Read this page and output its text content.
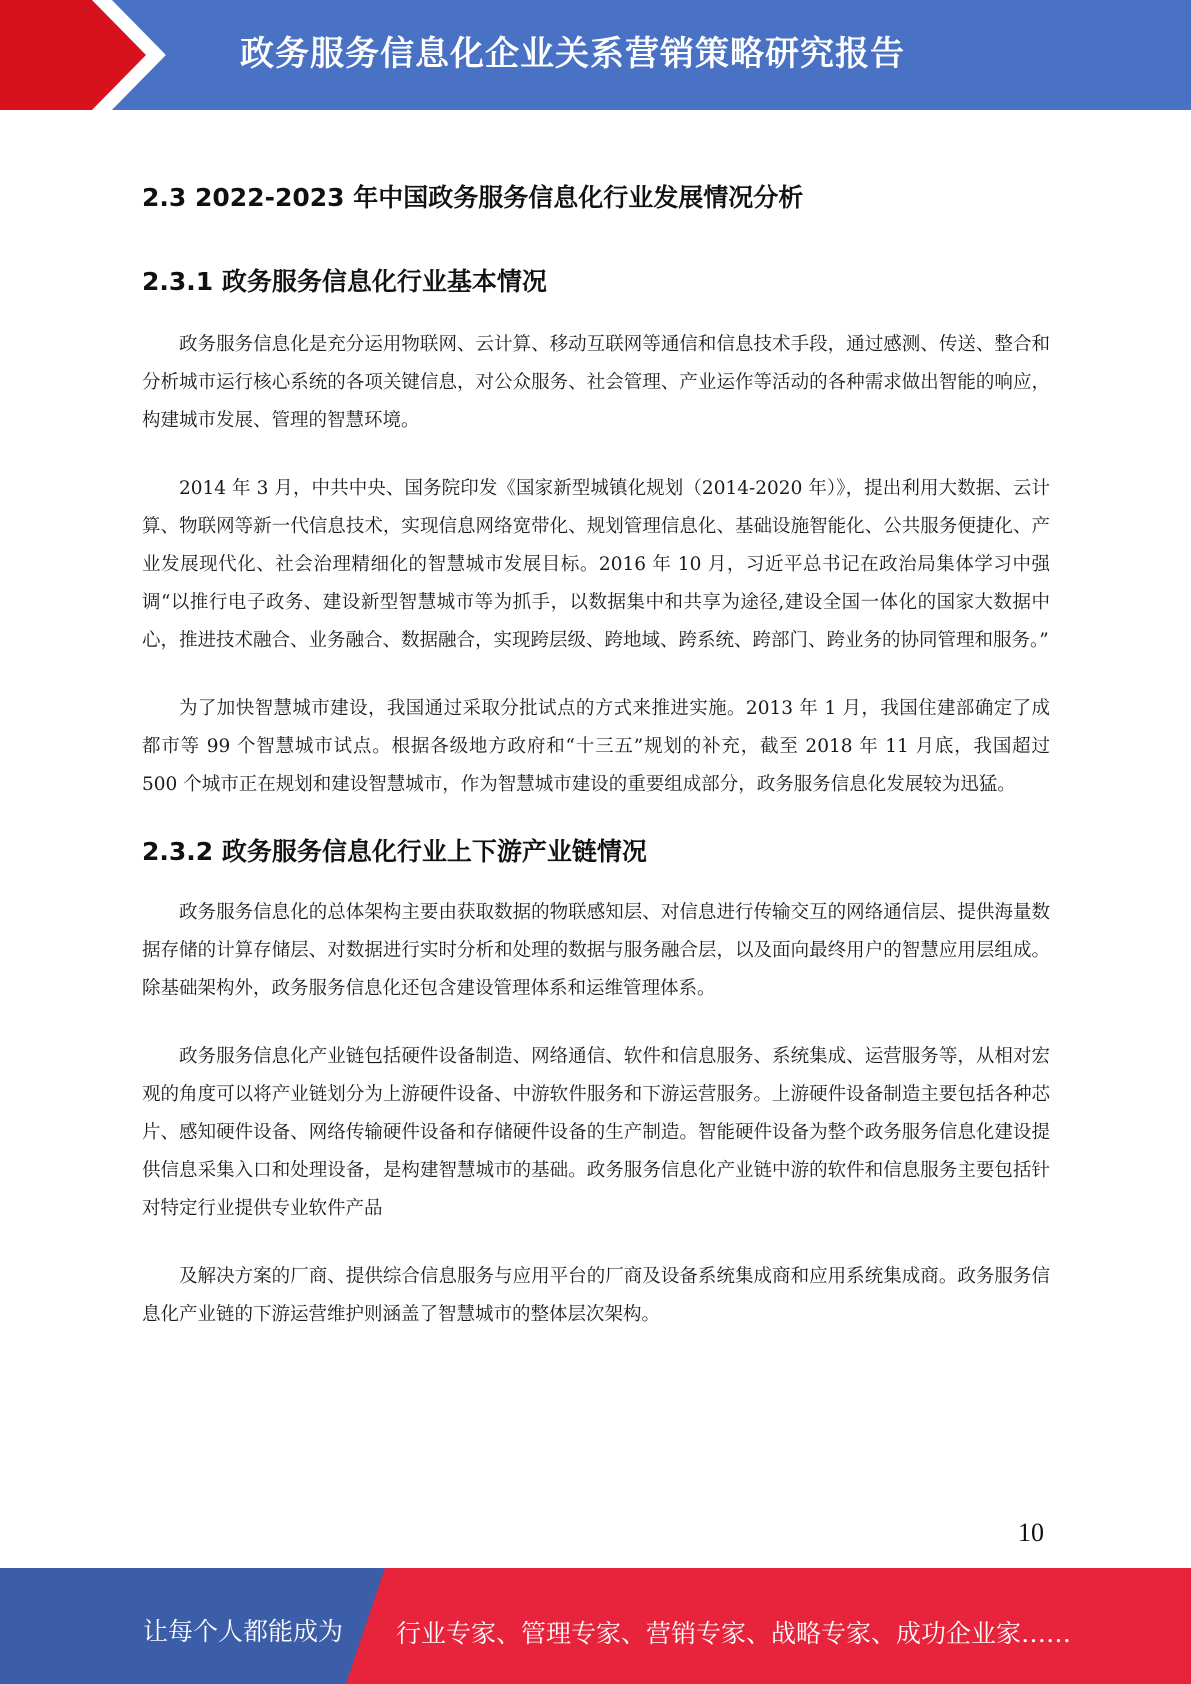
政务服务信息化企业关系营销策略研究报告
2.3 2022-2023 年中国政务服务信息化行业发展情况分析
2.3.1 政务服务信息化行业基本情况

政务服务信息化是充分运用物联网、云计算、移动互联网等通信和信息技术手段，通过感测、传送、整合和分析城市运行核心系统的各项关键信息，对公众服务、社会管理、产业运作等活动的各种需求做出智能的响应，构建城市发展、管理的智慧环境。

2014 年 3 月，中共中央、国务院印发《国家新型城镇化规划（2014-2020 年）》，提出利用大数据、云计算、物联网等新一代信息技术，实现信息网络宽带化、规划管理信息化、基础设施智能化、公共服务便捷化、产业发展现代化、社会治理精细化的智慧城市发展目标。2016 年 10 月，习近平总书记在政治局集体学习中强调“以推行电子政务、建设新型智慧城市等为抓手，以数据集中和共享为途径,建设全国一体化的国家大数据中心，推进技术融合、业务融合、数据融合，实现跨层级、跨地域、跨系统、跨部门、跨业务的协同管理和服务。”

为了加快智慧城市建设，我国通过采取分批试点的方式来推进实施。2013 年 1 月，我国住建部确定了成都市等 99 个智慧城市试点。根据各级地方政府和“十三五”规划的补充，截至 2018 年 11 月底，我国超过 500 个城市正在规划和建设智慧城市，作为智慧城市建设的重要组成部分，政务服务信息化发展较为迅猛。

2.3.2 政务服务信息化行业上下游产业链情况

政务服务信息化的总体架构主要由获取数据的物联感知层、对信息进行传输交互的网络通信层、提供海量数据存储的计算存储层、对数据进行实时分析和处理的数据与服务融合层，以及面向最终用户的智慧应用层组成。除基础架构外，政务服务信息化还包含建设管理体系和运维管理体系。

政务服务信息化产业链包括硬件设备制造、网络通信、软件和信息服务、系统集成、运营服务等，从相对宏观的角度可以将产业链划分为上游硬件设备、中游软件服务和下游运营服务。上游硬件设备制造主要包括各种芯片、感知硬件设备、网络传输硬件设备和存储硬件设备的生产制造。智能硬件设备为整个政务服务信息化建设提供信息采集入口和处理设备，是构建智慧城市的基础。政务服务信息化产业链中游的软件和信息服务主要包括针对特定行业提供专业软件产品

及解决方案的厂商、提供综合信息服务与应用平台的厂商及设备系统集成商和应用系统集成商。政务服务信息化产业链的下游运营维护则涵盖了智慧城市的整体层次架构。

10
让每个人都能成为 行业专家、管理专家、营销专家、战略专家、成功企业家……
